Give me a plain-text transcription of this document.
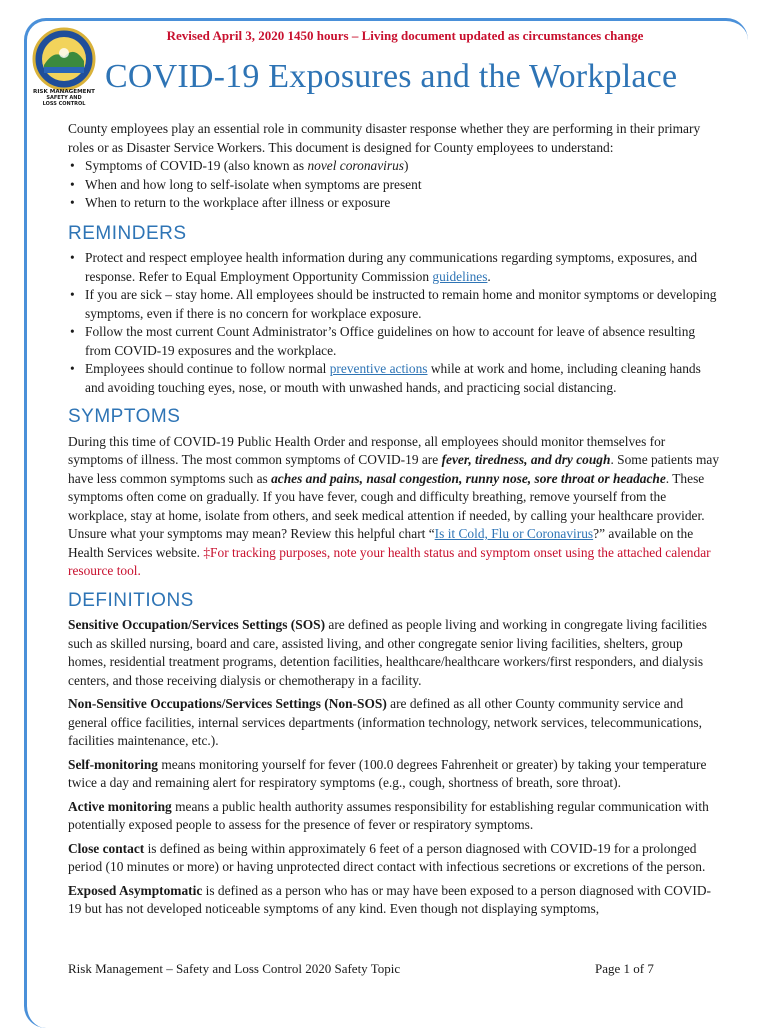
RISK MANAGEMENT
SAFETY AND
LOSS CONTROL
Revised April 3, 2020 1450 hours – Living document updated as circumstances change
COVID-19 Exposures and the Workplace

County employees play an essential role in community disaster response whether they are performing in their primary roles or as Disaster Service Workers. This document is designed for County employees to understand:

• Symptoms of COVID-19 (also known as novel coronavirus)
• When and how long to self-isolate when symptoms are present
• When to return to the workplace after illness or exposure
REMINDERS
• Protect and respect employee health information during any communications regarding symptoms, exposures, and response. Refer to Equal Employment Opportunity Commission guidelines.
• If you are sick – stay home. All employees should be instructed to remain home and monitor symptoms or developing symptoms, even if there is no concern for workplace exposure.
• Follow the most current Count Administrator’s Office guidelines on how to account for leave of absence resulting from COVID-19 exposures and the workplace.
• Employees should continue to follow normal preventive actions while at work and home, including cleaning hands and avoiding touching eyes, nose, or mouth with unwashed hands, and practicing social distancing.
SYMPTOMS

During this time of COVID-19 Public Health Order and response, all employees should monitor themselves for symptoms of illness. The most common symptoms of COVID-19 are fever, tiredness, and dry cough. Some patients may have less common symptoms such as aches and pains, nasal congestion, runny nose, sore throat or headache. These symptoms often come on gradually. If you have fever, cough and difficulty breathing, remove yourself from the workplace, stay at home, isolate from others, and seek medical attention if needed, by calling your healthcare provider. Unsure what your symptoms may mean? Review this helpful chart “Is it Cold, Flu or Coronavirus?” available on the Health Services website. ‡For tracking purposes, note your health status and symptom onset using the attached calendar resource tool.

DEFINITIONS

Sensitive Occupation/Services Settings (SOS) are defined as people living and working in congregate living facilities such as skilled nursing, board and care, assisted living, and other congregate senior living facilities, shelters, group homes, residential treatment programs, detention facilities, healthcare/healthcare workers/first responders, and dialysis centers, and those receiving dialysis or chemotherapy in a facility.

Non-Sensitive Occupations/Services Settings (Non-SOS) are defined as all other County community service and general office facilities, internal services departments (information technology, network services, telecommunications, facilities maintenance, etc.).

Self-monitoring means monitoring yourself for fever (100.0 degrees Fahrenheit or greater) by taking your temperature twice a day and remaining alert for respiratory symptoms (e.g., cough, shortness of breath, sore throat).

Active monitoring means a public health authority assumes responsibility for establishing regular communication with potentially exposed people to assess for the presence of fever or respiratory symptoms.

Close contact is defined as being within approximately 6 feet of a person diagnosed with COVID-19 for a prolonged period (10 minutes or more) or having unprotected direct contact with infectious secretions or excretions of the person.

Exposed Asymptomatic is defined as a person who has or may have been exposed to a person diagnosed with COVID-19 but has not developed noticeable symptoms of any kind. Even though not displaying symptoms,

Risk Management – Safety and Loss Control 2020 Safety Topic	Page 1 of 7
